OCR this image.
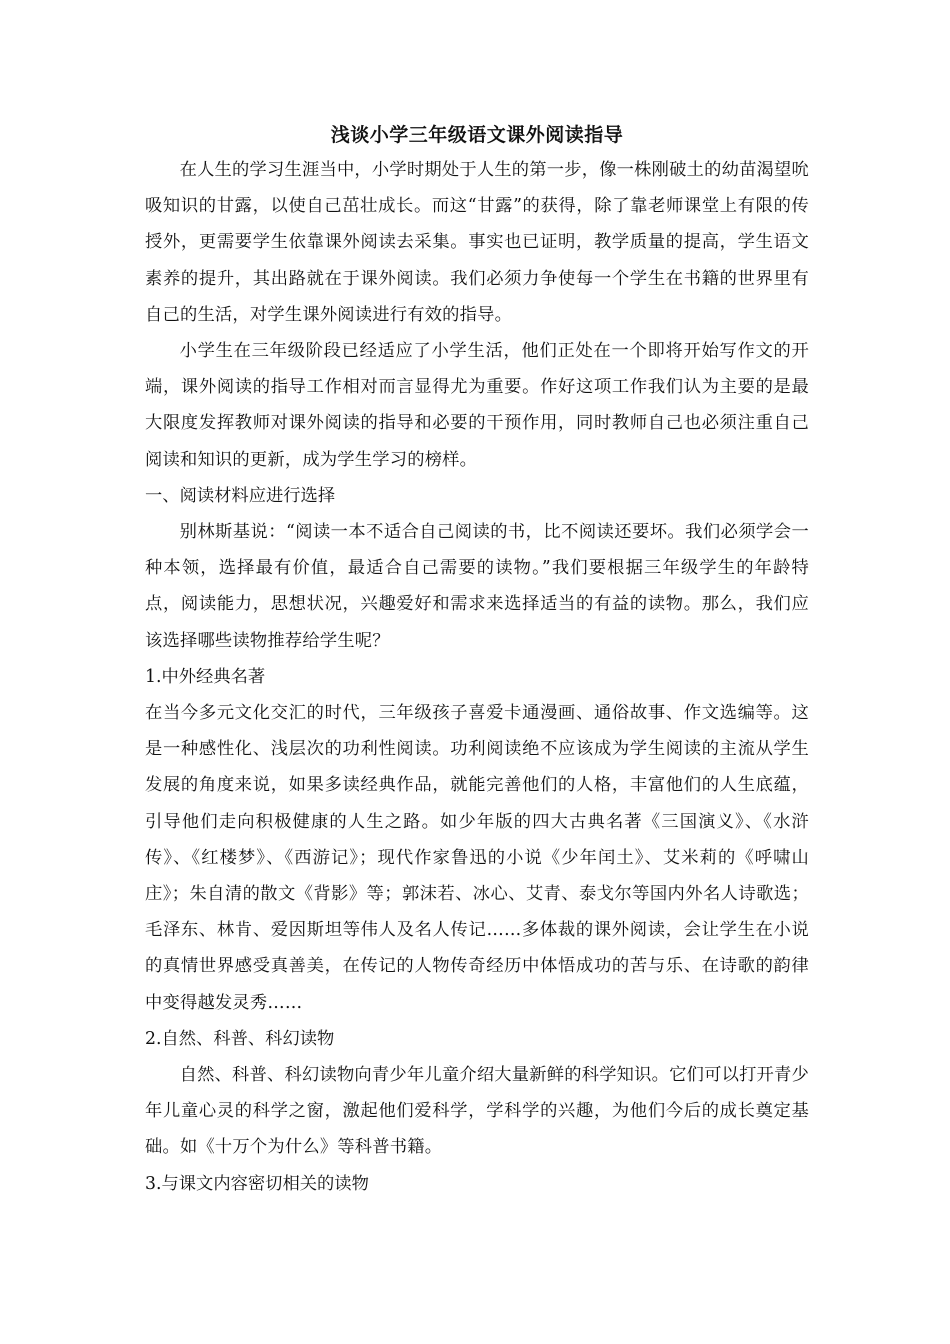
浅谈小学三年级语文课外阅读指导

在人生的学习生涯当中，小学时期处于人生的第一步，像一株刚破土的幼苗渴望吮吸知识的甘露，以使自己茁壮成长。而这“甘露”的获得，除了靠老师课堂上有限的传授外，更需要学生依靠课外阅读去采集。事实也已证明，教学质量的提高，学生语文素养的提升，其出路就在于课外阅读。我们必须力争使每一个学生在书籍的世界里有自己的生活，对学生课外阅读进行有效的指导。

小学生在三年级阶段已经适应了小学生活，他们正处在一个即将开始写作文的开端，课外阅读的指导工作相对而言显得尤为重要。作好这项工作我们认为主要的是最大限度发挥教师对课外阅读的指导和必要的干预作用，同时教师自己也必须注重自己阅读和知识的更新，成为学生学习的榜样。

一、阅读材料应进行选择

别林斯基说：“阅读一本不适合自己阅读的书，比不阅读还要坏。我们必须学会一种本领，选择最有价值，最适合自己需要的读物。”我们要根据三年级学生的年龄特点，阅读能力，思想状况，兴趣爱好和需求来选择适当的有益的读物。那么，我们应该选择哪些读物推荐给学生呢？

1.中外经典名著

在当今多元文化交汇的时代，三年级孩子喜爱卡通漫画、通俗故事、作文选编等。这是一种感性化、浅层次的功利性阅读。功利阅读绝不应该成为学生阅读的主流从学生发展的角度来说，如果多读经典作品，就能完善他们的人格，丰富他们的人生底蕴，引导他们走向积极健康的人生之路。如少年版的四大古典名著《三国演义》、《水浒传》、《红楼梦》、《西游记》；现代作家鲁迅的小说《少年闰土》、艾米莉的《呼啸山庄》；朱自清的散文《背影》等；郭沫若、冰心、艾青、泰戈尔等国内外名人诗歌选；毛泽东、林肯、爱因斯坦等伟人及名人传记……多体裁的课外阅读，会让学生在小说的真情世界感受真善美，在传记的人物传奇经历中体悟成功的苦与乐、在诗歌的韵律中变得越发灵秀……

2.自然、科普、科幻读物

自然、科普、科幻读物向青少年儿童介绍大量新鲜的科学知识。它们可以打开青少年儿童心灵的科学之窗，激起他们爱科学，学科学的兴趣，为他们今后的成长奠定基础。如《十万个为什么》等科普书籍。

3.与课文内容密切相关的读物
